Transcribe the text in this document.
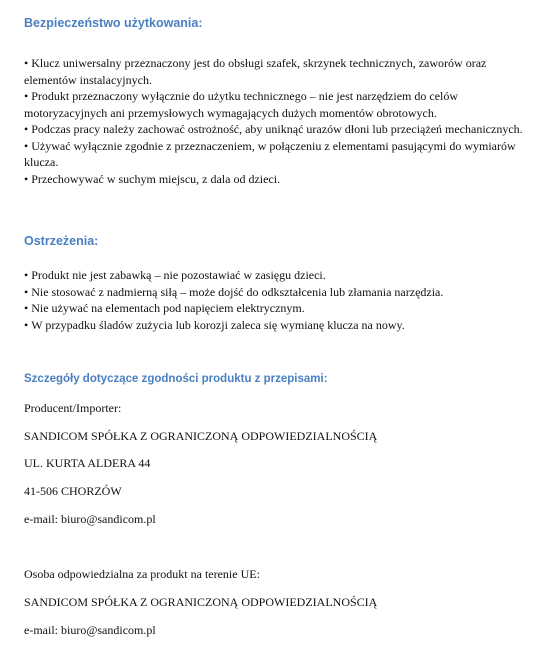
Bezpieczeństwo użytkowania:
• Klucz uniwersalny przeznaczony jest do obsługi szafek, skrzynek technicznych, zaworów oraz elementów instalacyjnych.
• Produkt przeznaczony wyłącznie do użytku technicznego – nie jest narzędziem do celów motoryzacyjnych ani przemysłowych wymagających dużych momentów obrotowych.
• Podczas pracy należy zachować ostrożność, aby uniknąć urazów dłoni lub przeciążeń mechanicznych.
• Używać wyłącznie zgodnie z przeznaczeniem, w połączeniu z elementami pasującymi do wymiarów klucza.
• Przechowywać w suchym miejscu, z dala od dzieci.
Ostrzeżenia:
• Produkt nie jest zabawką – nie pozostawiać w zasięgu dzieci.
• Nie stosować z nadmierną siłą – może dojść do odkształcenia lub złamania narzędzia.
• Nie używać na elementach pod napięciem elektrycznym.
• W przypadku śladów zużycia lub korozji zaleca się wymianę klucza na nowy.
Szczegóły dotyczące zgodności produktu z przepisami:
Producent/Importer:
SANDICOM SPÓŁKA Z OGRANICZONĄ ODPOWIEDZIALNOŚCIĄ
UL. KURTA ALDERA 44
41-506 CHORZÓW
e-mail: biuro@sandicom.pl
Osoba odpowiedzialna za produkt na terenie UE:
SANDICOM SPÓŁKA Z OGRANICZONĄ ODPOWIEDZIALNOŚCIĄ
e-mail: biuro@sandicom.pl
